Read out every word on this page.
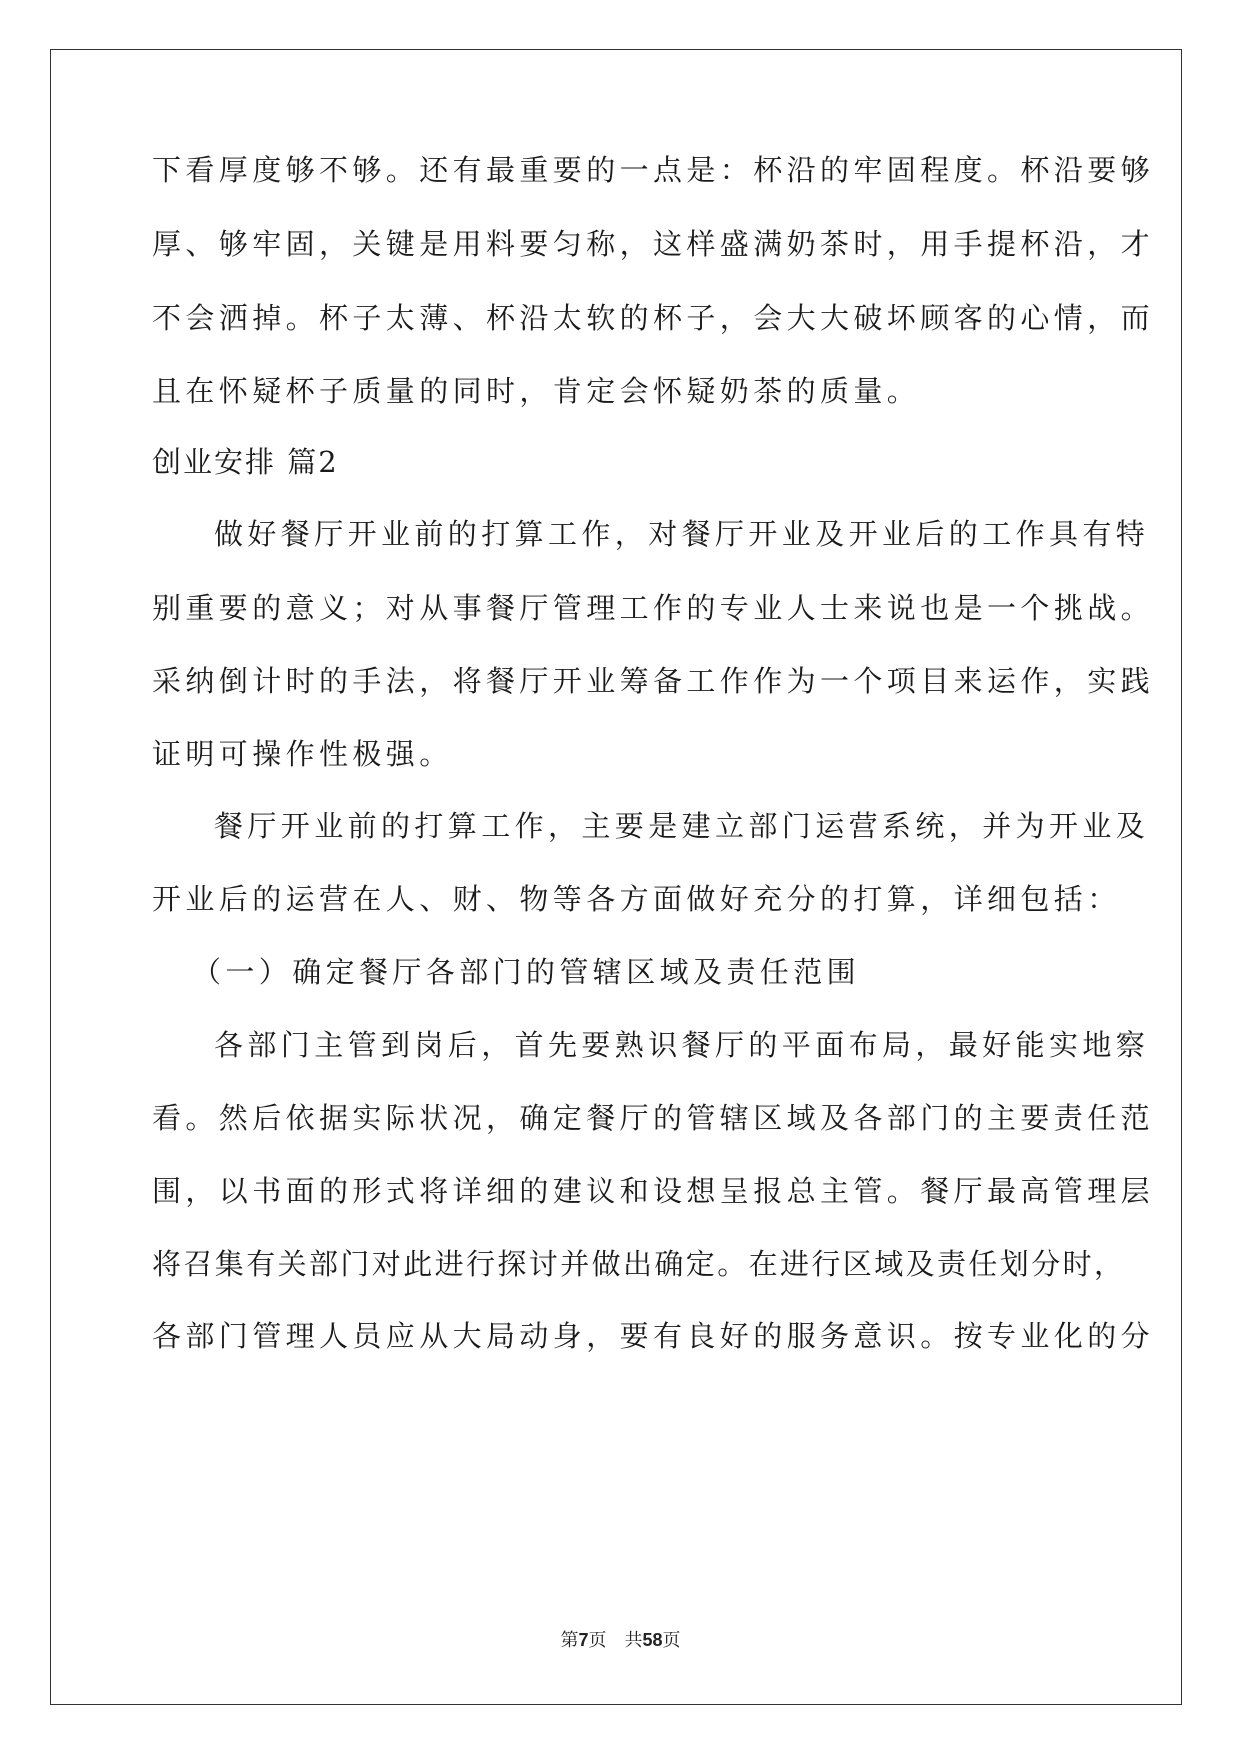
下看厚度够不够。还有最重要的一点是：杯沿的牢固程度。杯沿要够
厚、够牢固，关键是用料要匀称，这样盛满奶茶时，用手提杯沿，才
不会洒掉。杯子太薄、杯沿太软的杯子，会大大破坏顾客的心情，而
且在怀疑杯子质量的同时，肯定会怀疑奶茶的质量。
创业安排 篇2
做好餐厅开业前的打算工作，对餐厅开业及开业后的工作具有特
别重要的意义；对从事餐厅管理工作的专业人士来说也是一个挑战。
采纳倒计时的手法，将餐厅开业筹备工作作为一个项目来运作，实践
证明可操作性极强。
餐厅开业前的打算工作，主要是建立部门运营系统，并为开业及
开业后的运营在人、财、物等各方面做好充分的打算，详细包括：
（一）确定餐厅各部门的管辖区域及责任范围
各部门主管到岗后，首先要熟识餐厅的平面布局，最好能实地察
看。然后依据实际状况，确定餐厅的管辖区域及各部门的主要责任范
围，以书面的形式将详细的建议和设想呈报总主管。餐厅最高管理层
将召集有关部门对此进行探讨并做出确定。在进行区域及责任划分时，
各部门管理人员应从大局动身，要有良好的服务意识。按专业化的分
第7页　共58页
